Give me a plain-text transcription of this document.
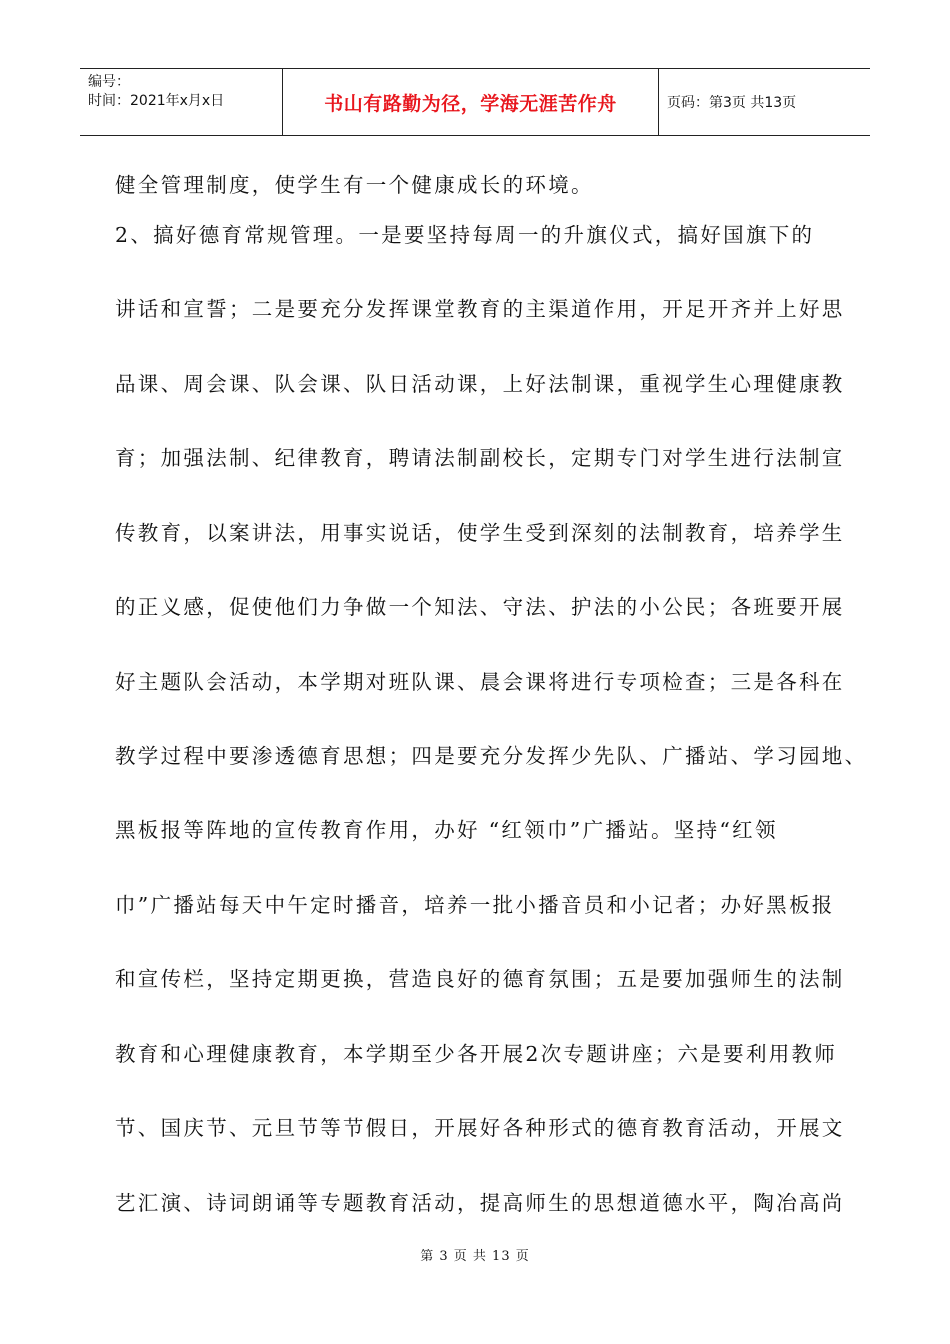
编号：
时间：2021年x月x日	书山有路勤为径，学海无涯苦作舟	页码：第3页 共13页
健全管理制度，使学生有一个健康成长的环境。
2、搞好德育常规管理。一是要坚持每周一的升旗仪式，搞好国旗下的
讲话和宣誓；二是要充分发挥课堂教育的主渠道作用，开足开齐并上好思
品课、周会课、队会课、队日活动课，上好法制课，重视学生心理健康教
育；加强法制、纪律教育，聘请法制副校长，定期专门对学生进行法制宣
传教育，以案讲法，用事实说话，使学生受到深刻的法制教育，培养学生
的正义感，促使他们力争做一个知法、守法、护法的小公民；各班要开展
好主题队会活动，本学期对班队课、晨会课将进行专项检查；三是各科在
教学过程中要渗透德育思想；四是要充分发挥少先队、广播站、学习园地、
黑板报等阵地的宣传教育作用，办好 “红领巾”广播站。坚持“红领
巾”广播站每天中午定时播音，培养一批小播音员和小记者；办好黑板报
和宣传栏，坚持定期更换，营造良好的德育氛围；五是要加强师生的法制
教育和心理健康教育，本学期至少各开展2次专题讲座；六是要利用教师
节、国庆节、元旦节等节假日，开展好各种形式的德育教育活动，开展文
艺汇演、诗词朗诵等专题教育活动，提高师生的思想道德水平，陶冶高尚
第 3 页 共 13 页
